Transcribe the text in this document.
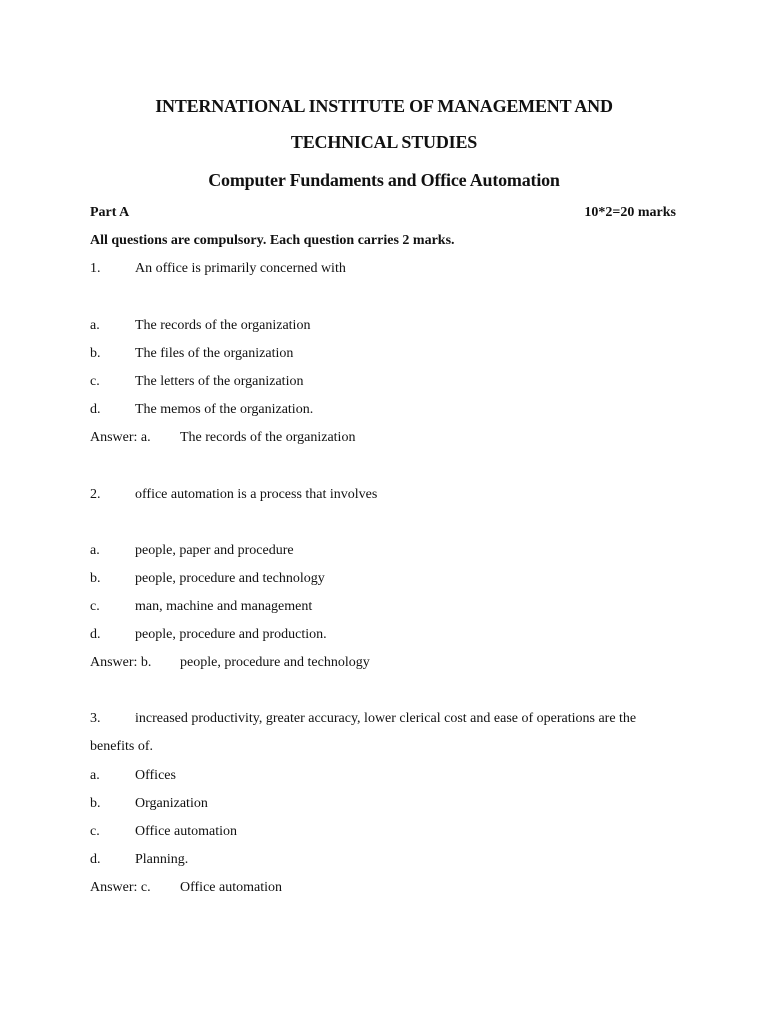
INTERNATIONAL INSTITUTE OF MANAGEMENT AND
TECHNICAL STUDIES
Computer Fundaments and Office Automation
Part A	10*2=20 marks
All questions are compulsory. Each question carries 2 marks.
1. An office is primarily concerned with
a.	The records of the organization
b. The files of the organization
c.	The letters of the organization
d. The memos of the organization.
Answer: a. The records of the organization
2. office automation is a process that involves
a.	people, paper and procedure
b. people, procedure and technology
c.	man, machine and management
d. people, procedure and production.
Answer: b. people, procedure and technology
3. increased productivity, greater accuracy, lower clerical cost and ease of operations are the
benefits of.
a.	Offices
b. Organization
c.	Office automation
d. Planning.
Answer: c. Office automation
